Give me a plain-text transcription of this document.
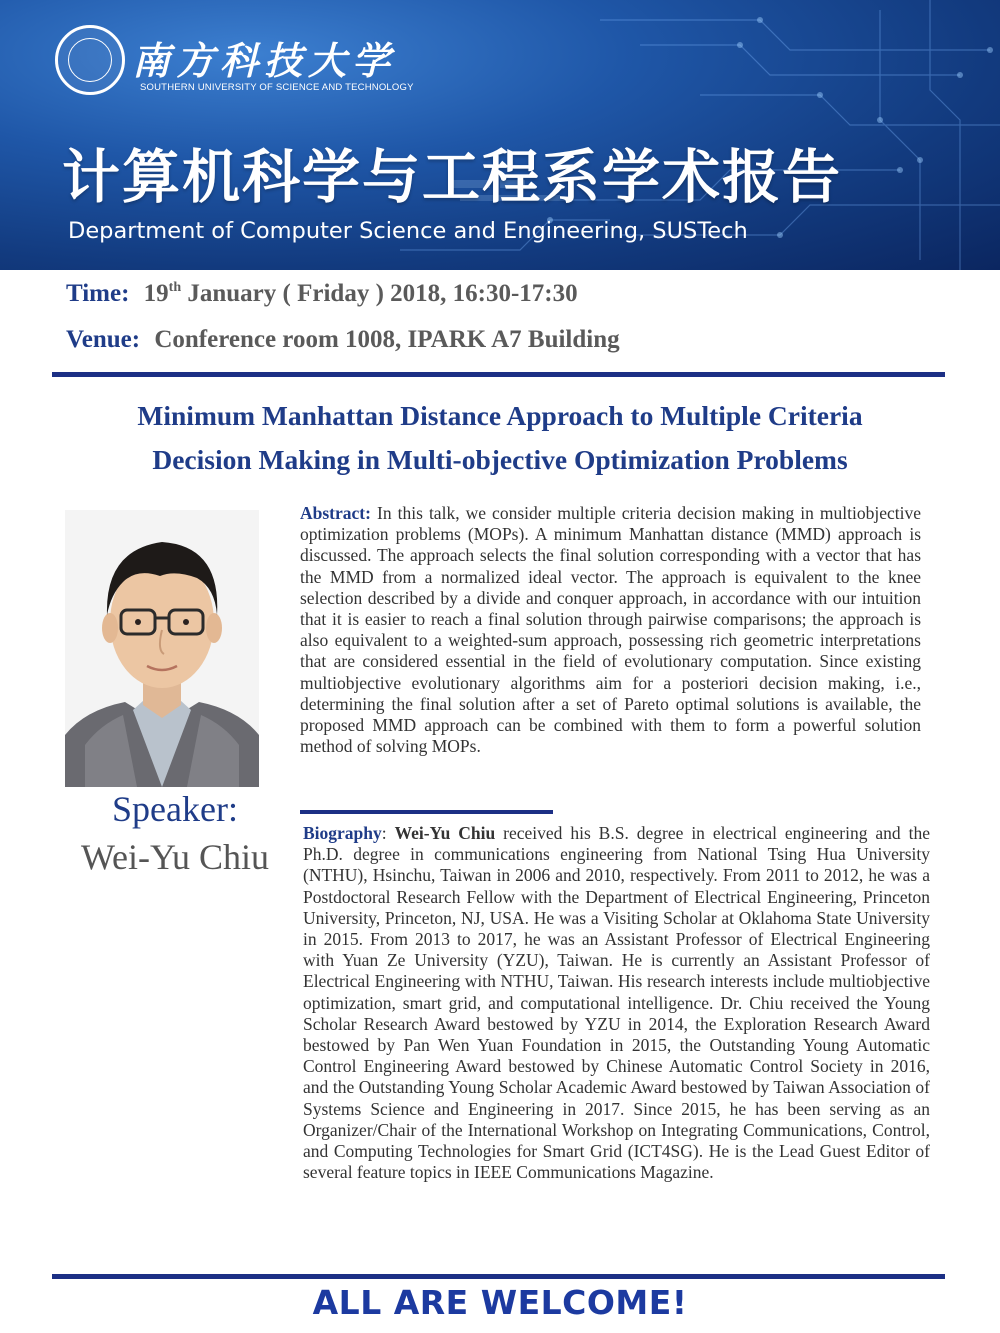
南方科技大学
SOUTHERN UNIVERSITY OF SCIENCE AND TECHNOLOGY
计算机科学与工程系学术报告
Department of Computer Science and Engineering, SUSTech
Time: 19th January ( Friday ) 2018, 16:30-17:30
Venue: Conference room 1008, IPARK A7 Building
Minimum Manhattan Distance Approach to Multiple Criteria
Decision Making in Multi-objective Optimization Problems
Speaker:
Wei-Yu Chiu
Abstract: In this talk, we consider multiple criteria decision making in multiobjective optimization problems (MOPs). A minimum Manhattan distance (MMD) approach is discussed. The approach selects the final solution corresponding with a vector that has the MMD from a normalized ideal vector. The approach is equivalent to the knee selection described by a divide and conquer approach, in accordance with our intuition that it is easier to reach a final solution through pairwise comparisons; the approach is also equivalent to a weighted-sum approach, possessing rich geometric interpretations that are considered essential in the field of evolutionary computation. Since existing multiobjective evolutionary algorithms aim for a posteriori decision making, i.e., determining the final solution after a set of Pareto optimal solutions is available, the proposed MMD approach can be combined with them to form a powerful solution method of solving MOPs.
Biography: Wei-Yu Chiu received his B.S. degree in electrical engineering and the Ph.D. degree in communications engineering from National Tsing Hua University (NTHU), Hsinchu, Taiwan in 2006 and 2010, respectively. From 2011 to 2012, he was a Postdoctoral Research Fellow with the Department of Electrical Engineering, Princeton University, Princeton, NJ, USA. He was a Visiting Scholar at Oklahoma State University in 2015. From 2013 to 2017, he was an Assistant Professor of Electrical Engineering with Yuan Ze University (YZU), Taiwan. He is currently an Assistant Professor of Electrical Engineering with NTHU, Taiwan. His research interests include multiobjective optimization, smart grid, and computational intelligence. Dr. Chiu received the Young Scholar Research Award bestowed by YZU in 2014, the Exploration Research Award bestowed by Pan Wen Yuan Foundation in 2015, the Outstanding Young Automatic Control Engineering Award bestowed by Chinese Automatic Control Society in 2016, and the Outstanding Young Scholar Academic Award bestowed by Taiwan Association of Systems Science and Engineering in 2017. Since 2015, he has been serving as an Organizer/Chair of the International Workshop on Integrating Communications, Control, and Computing Technologies for Smart Grid (ICT4SG). He is the Lead Guest Editor of several feature topics in IEEE Communications Magazine.
ALL ARE WELCOME!
